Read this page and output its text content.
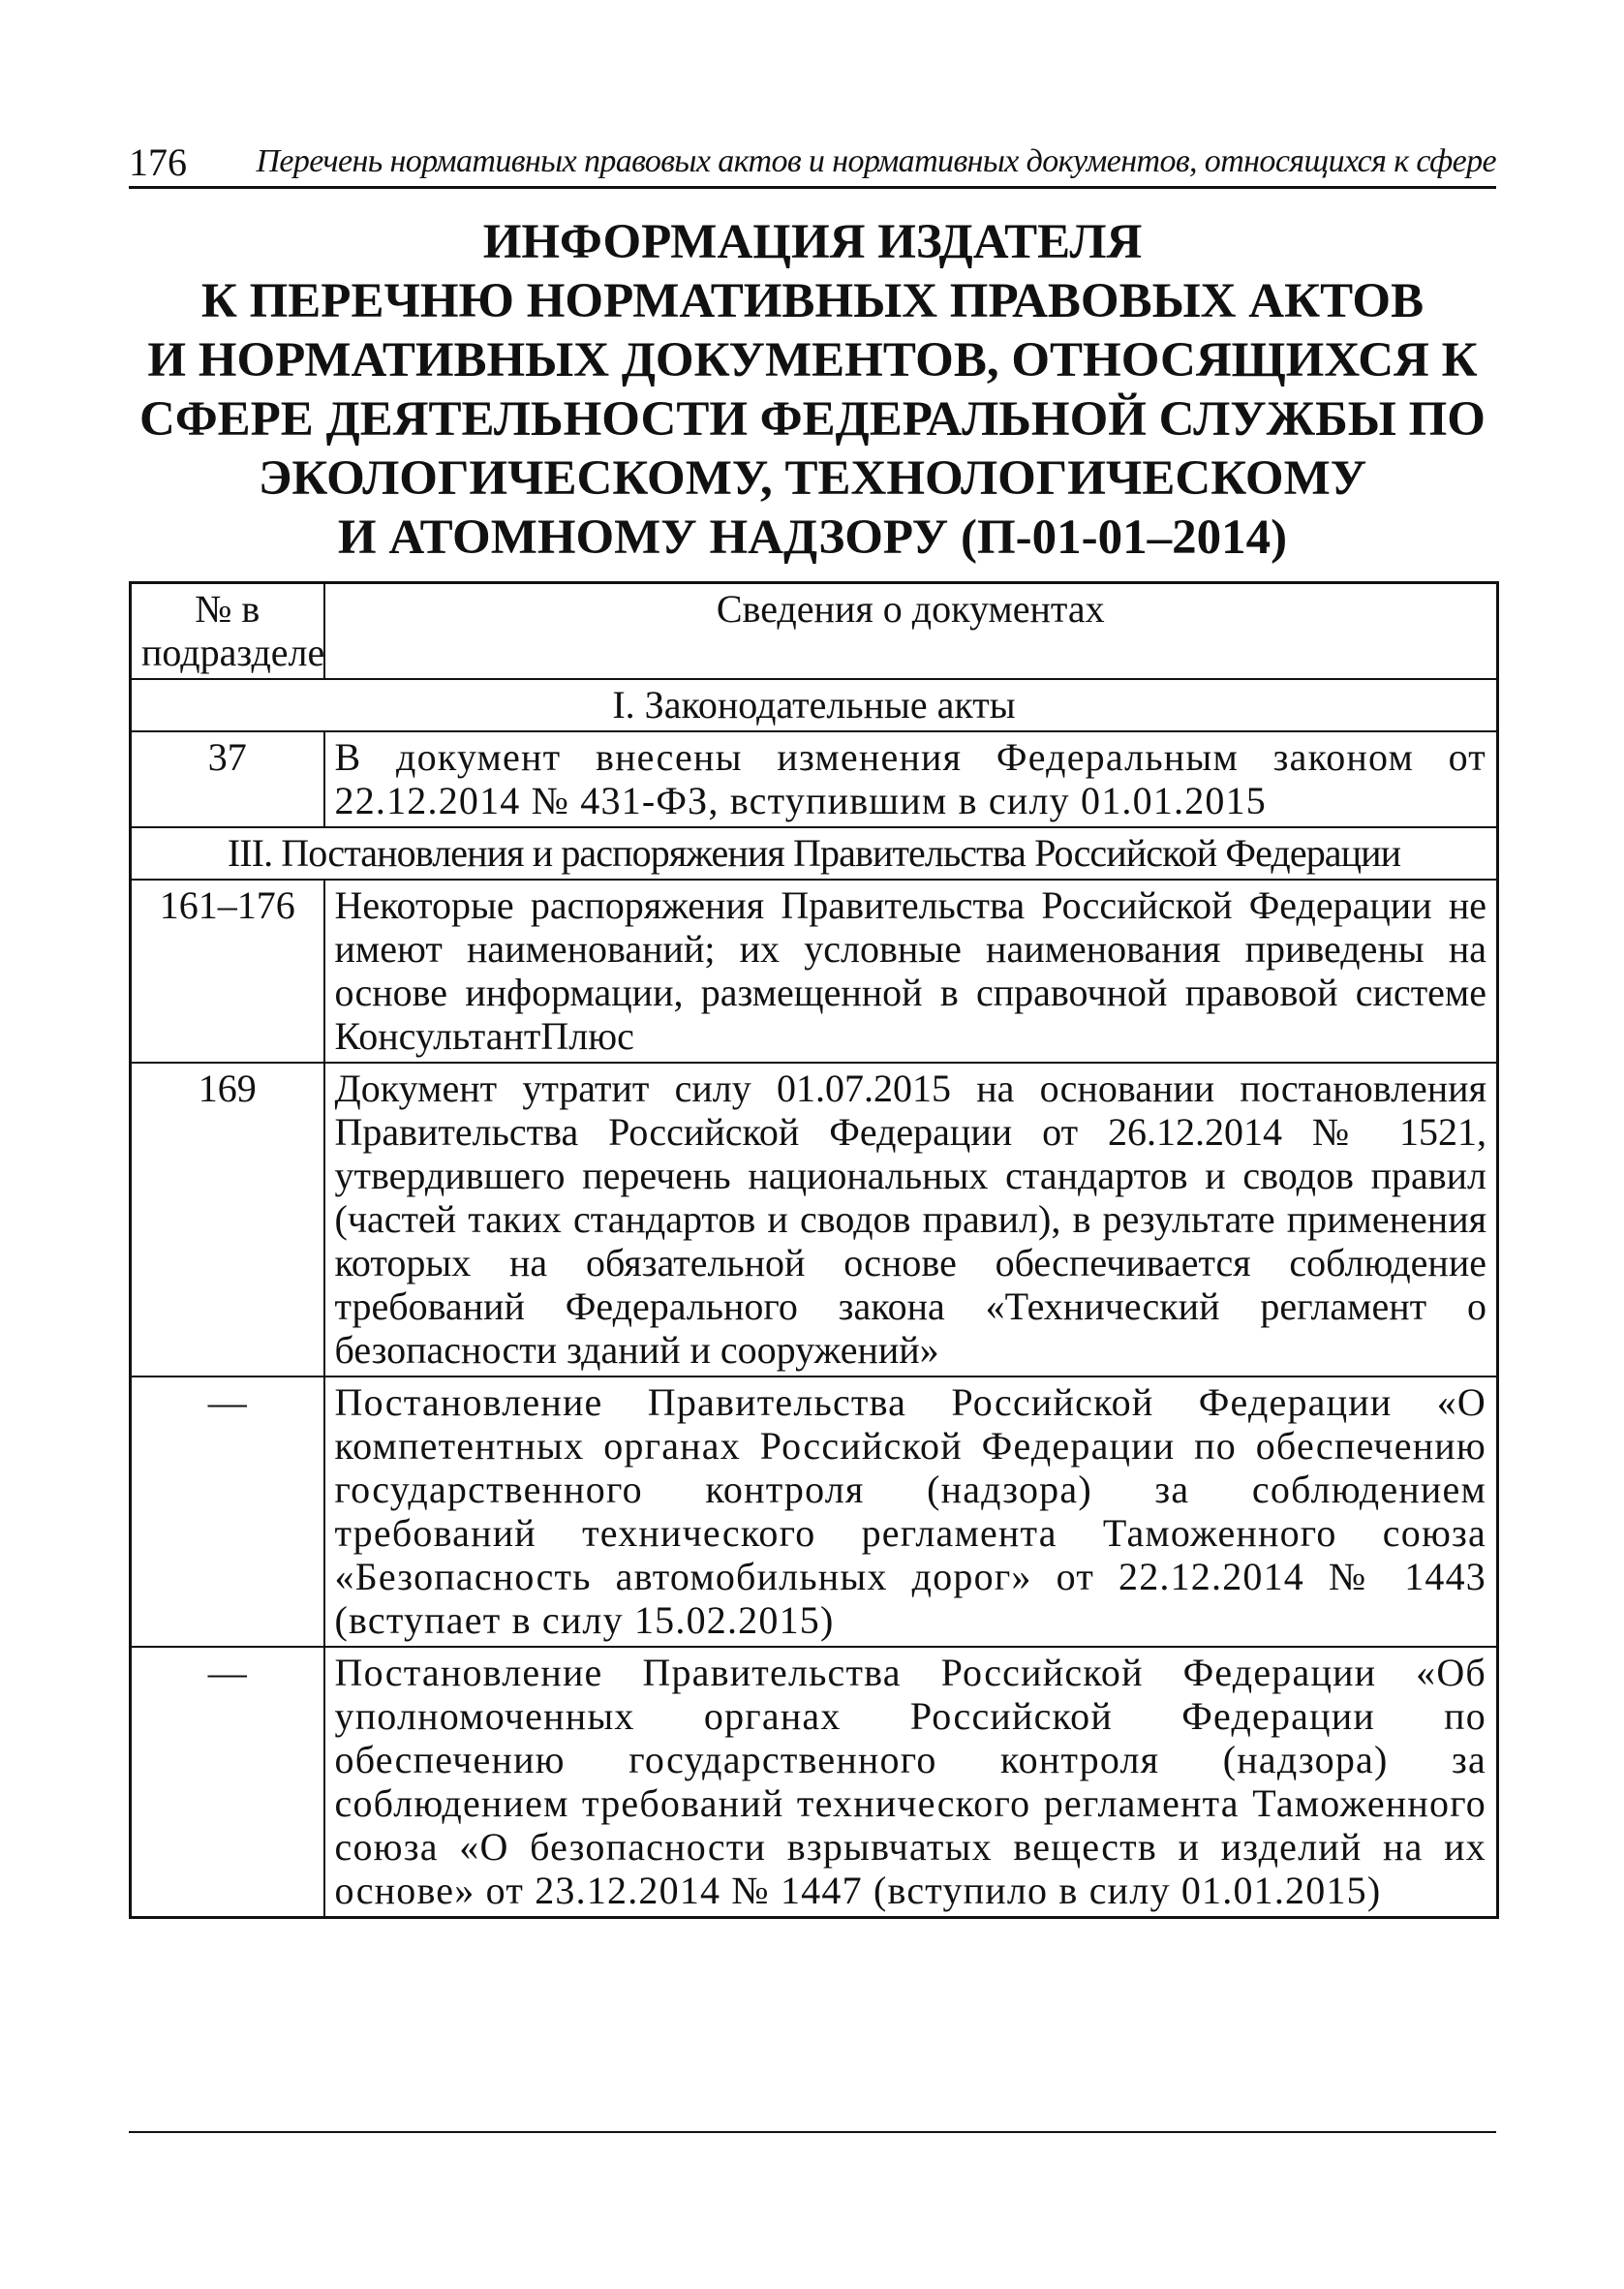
176 Перечень нормативных правовых актов и нормативных документов, относящихся к сфере
ИНФОРМАЦИЯ ИЗДАТЕЛЯ
К ПЕРЕЧНЮ НОРМАТИВНЫХ ПРАВОВЫХ АКТОВ
И НОРМАТИВНЫХ ДОКУМЕНТОВ, ОТНОСЯЩИХСЯ К
СФЕРЕ ДЕЯТЕЛЬНОСТИ ФЕДЕРАЛЬНОЙ СЛУЖБЫ ПО
ЭКОЛОГИЧЕСКОМУ, ТЕХНОЛОГИЧЕСКОМУ
И АТОМНОМУ НАДЗОРУ (П-01-01–2014)
№ в подразделе	Сведения о документах
I. Законодательные акты	
37	В документ внесены изменения Федеральным законом от 22.12.2014 № 431-ФЗ, вступившим в силу 01.01.2015
III. Постановления и распоряжения Правительства Российской Федерации	
161–176	Некоторые распоряжения Правительства Российской Федерации не имеют наименований; их условные наименования приведены на основе информации, размещенной в справочной правовой системе КонсультантПлюс
169	Документ утратит силу 01.07.2015 на основании постановления Правительства Российской Федерации от 26.12.2014 № 1521, утвердившего перечень национальных стандартов и сводов правил (частей таких стандартов и сводов правил), в результате применения которых на обязательной основе обеспечивается соблюдение требований Федерального закона «Технический регламент о безопасности зданий и сооружений»
—	Постановление Правительства Российской Федерации «О компетентных органах Российской Федерации по обеспечению государственного контроля (надзора) за соблюдением требований технического регламента Таможенного союза «Безопасность автомобильных дорог» от 22.12.2014 № 1443 (вступает в силу 15.02.2015)
—	Постановление Правительства Российской Федерации «Об уполномоченных органах Российской Федерации по обеспечению государственного контроля (надзора) за соблюдением требований технического регламента Таможенного союза «О безопасности взрывчатых веществ и изделий на их основе» от 23.12.2014 № 1447 (вступило в силу 01.01.2015)
